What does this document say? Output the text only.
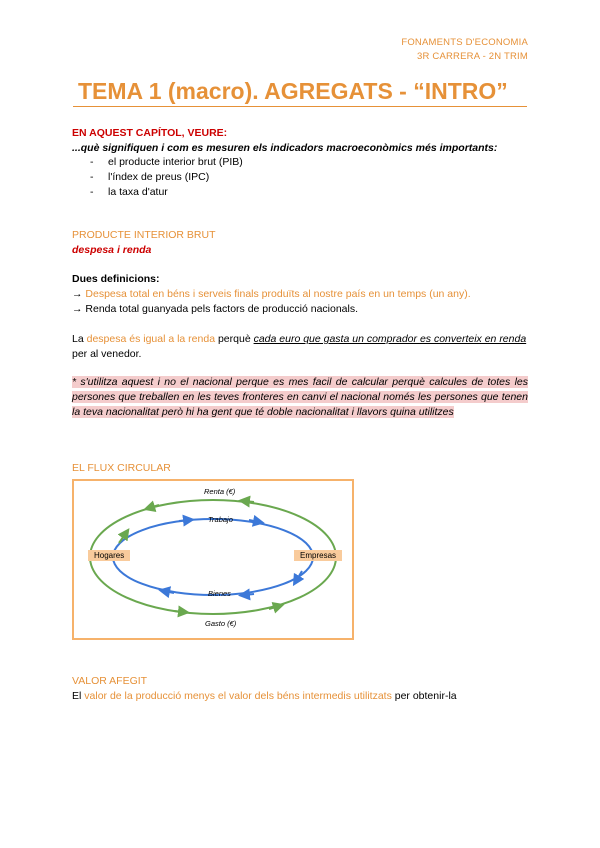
FONAMENTS D'ECONOMIA
3R CARRERA - 2N TRIM
TEMA 1 (macro). AGREGATS - “INTRO”
EN AQUEST CAPÍTOL, VEURE:
...què signifiquen i com es mesuren els indicadors macroeconòmics més importants:
- el producte interior brut (PIB)
- l'índex de preus (IPC)
- la taxa d'atur
PRODUCTE INTERIOR BRUT
despesa i renda
Dues definicions:
→ Despesa total en béns i serveis finals produïts al nostre país en un temps (un any).
→ Renda total guanyada pels factors de producció nacionals.
La despesa és igual a la renda perquè cada euro que gasta un comprador es converteix en renda per al venedor.
* s'utilitza aquest i no el nacional perque es mes facil de calcular perquè calcules de totes les persones que treballen en les teves fronteres en canvi el nacional només les persones que tenen la teva nacionalitat però hi ha gent que té doble nacionalitat i llavors quina utilitzes
EL FLUX CIRCULAR
Hogares	Empresas
Renta (€)
Trabajo
Bienes
Gasto (€)
VALOR AFEGIT
El valor de la producció menys el valor dels béns intermedis utilitzats per obtenir-la
